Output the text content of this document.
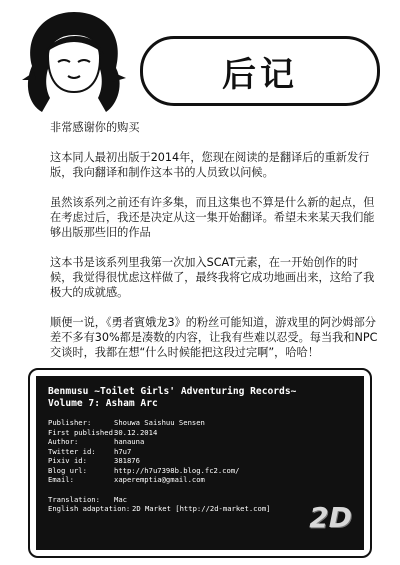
后记

非常感谢你的购买

这本同人最初出版于2014年，您现在阅读的是翻译后的重新发行版，我向翻译和制作这本书的人员致以问候。

虽然该系列之前还有许多集，而且这集也不算是什么新的起点，但在考虑过后，我还是决定从这一集开始翻译。希望未来某天我们能够出版那些旧的作品

这本书是该系列里我第一次加入SCAT元素，在一开始创作的时候，我觉得很忧虑这样做了，最终我将它成功地画出来，这给了我极大的成就感。

顺便一说，《勇者賓娥龙3》的粉丝可能知道，游戏里的阿沙姆部分差不多有30%都是凑数的内容，让我有些难以忍受。每当我和NPC交谈时，我都在想“什么时候能把这段过完啊”，哈哈！

Benmusu ~Toilet Girls' Adventuring Records~
Volume 7: Asham Arc
Publisher:	Shouwa Saishuu Sensen
First published:
30.12.2014
Author:	hanauna
Twitter id:	h7u7
Pixiv id:	381876
Blog url:	http://h7u7398b.blog.fc2.com/
Email:	xaperemptia@gmail.com
Translation:	Mac
English adaptation: 2D Market [http://2d-market.com]	2D
